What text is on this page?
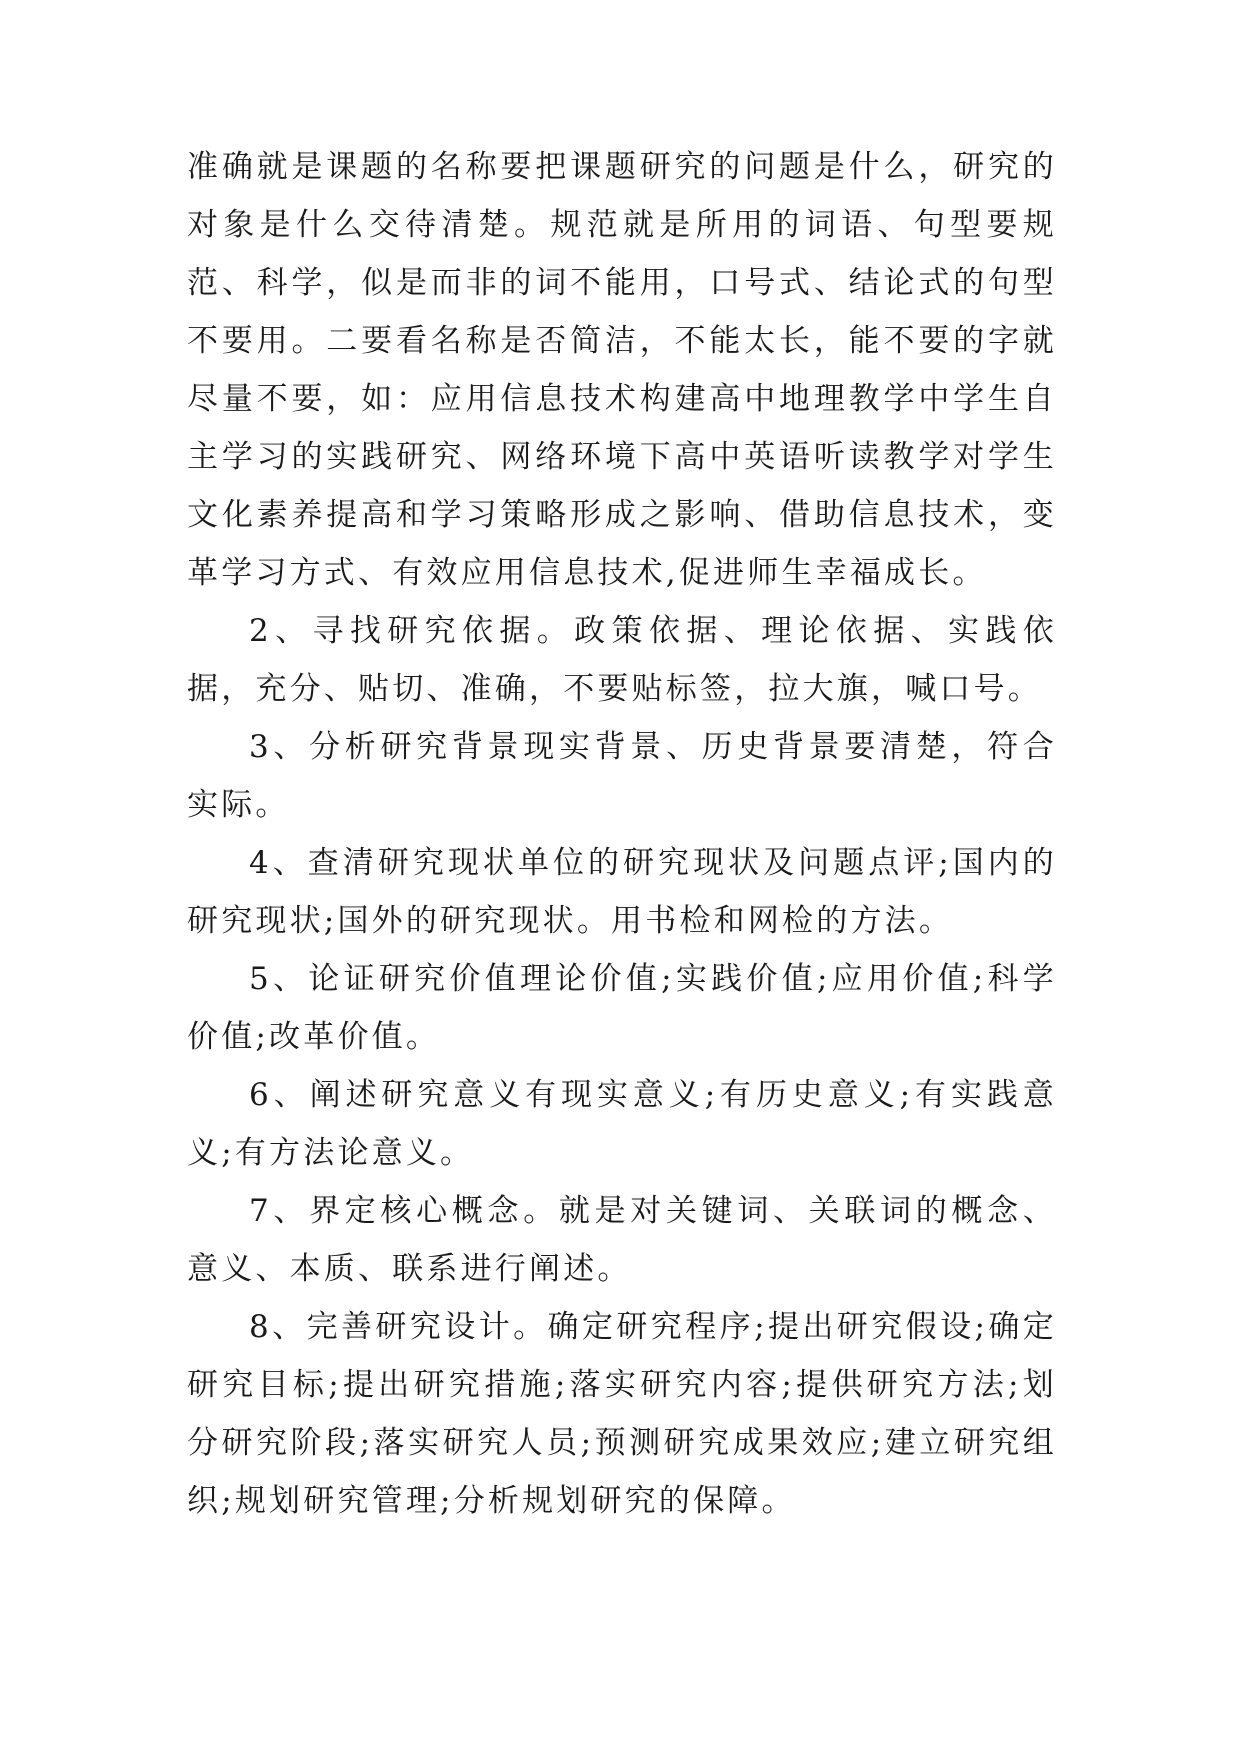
准确就是课题的名称要把课题研究的问题是什么，研究的对象是什么交待清楚。规范就是所用的词语、句型要规范、科学，似是而非的词不能用，口号式、结论式的句型不要用。二要看名称是否简洁，不能太长，能不要的字就尽量不要，如：应用信息技术构建高中地理教学中学生自主学习的实践研究、网络环境下高中英语听读教学对学生文化素养提高和学习策略形成之影响、借助信息技术，变革学习方式、有效应用信息技术,促进师生幸福成长。

2、寻找研究依据。政策依据、理论依据、实践依据，充分、贴切、准确，不要贴标签，拉大旗，喊口号。

3、分析研究背景现实背景、历史背景要清楚，符合实际。

4、查清研究现状单位的研究现状及问题点评;国内的研究现状;国外的研究现状。用书检和网检的方法。

5、论证研究价值理论价值;实践价值;应用价值;科学价值;改革价值。

6、阐述研究意义有现实意义;有历史意义;有实践意义;有方法论意义。

7、界定核心概念。就是对关键词、关联词的概念、意义、本质、联系进行阐述。

8、完善研究设计。确定研究程序;提出研究假设;确定研究目标;提出研究措施;落实研究内容;提供研究方法;划分研究阶段;落实研究人员;预测研究成果效应;建立研究组织;规划研究管理;分析规划研究的保障。
